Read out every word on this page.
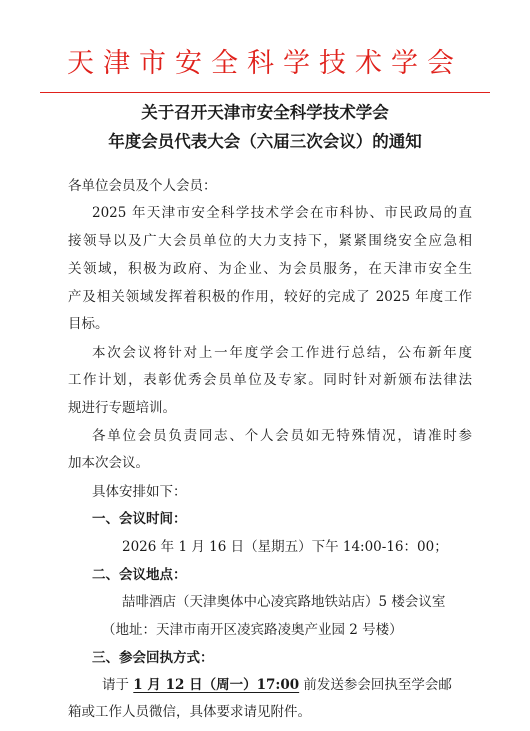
天津市安全科学技术学会
关于召开天津市安全科学技术学会
年度会员代表大会（六届三次会议）的通知
各单位会员及个人会员：
2025 年天津市安全科学技术学会在市科协、市民政局的直
接领导以及广大会员单位的大力支持下，紧紧围绕安全应急相
关领域，积极为政府、为企业、为会员服务，在天津市安全生
产及相关领域发挥着积极的作用，较好的完成了 2025 年度工作
目标。
本次会议将针对上一年度学会工作进行总结，公布新年度
工作计划，表彰优秀会员单位及专家。同时针对新颁布法律法
规进行专题培训。
各单位会员负责同志、个人会员如无特殊情况，请准时参
加本次会议。
具体安排如下：
一、会议时间：
2026 年 1 月 16 日（星期五）下午 14:00-16：00；
二、会议地点：
喆啡酒店（天津奥体中心凌宾路地铁站店）5 楼会议室
（地址：天津市南开区凌宾路凌奥产业园 2 号楼）
三、参会回执方式：
请于 1 月 12 日（周一）17:00 前发送参会回执至学会邮
箱或工作人员微信，具体要求请见附件。
